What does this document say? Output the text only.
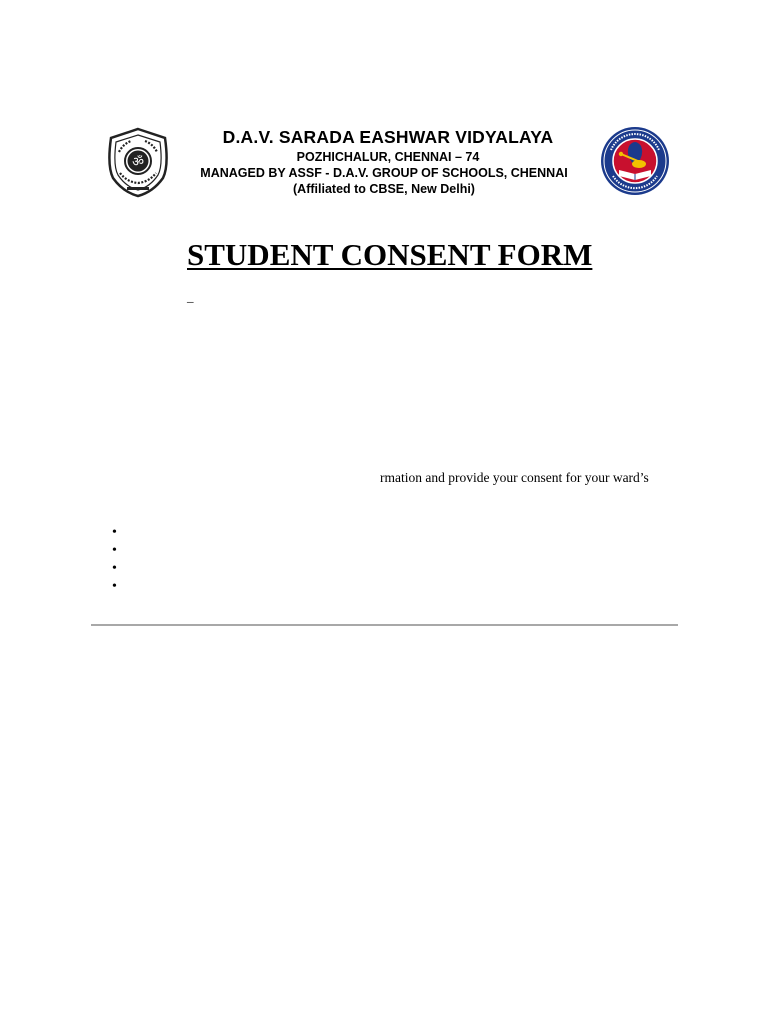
ॐ
D.A.V. SARADA EASHWAR VIDYALAYA
POZHICHALUR, CHENNAI – 74
MANAGED BY ASSF - D.A.V. GROUP OF SCHOOLS, CHENNAI
(Affiliated to CBSE, New Delhi)
STUDENT CONSENT FORM
_
rmation and provide your consent for your ward’s
•
•
•
•
